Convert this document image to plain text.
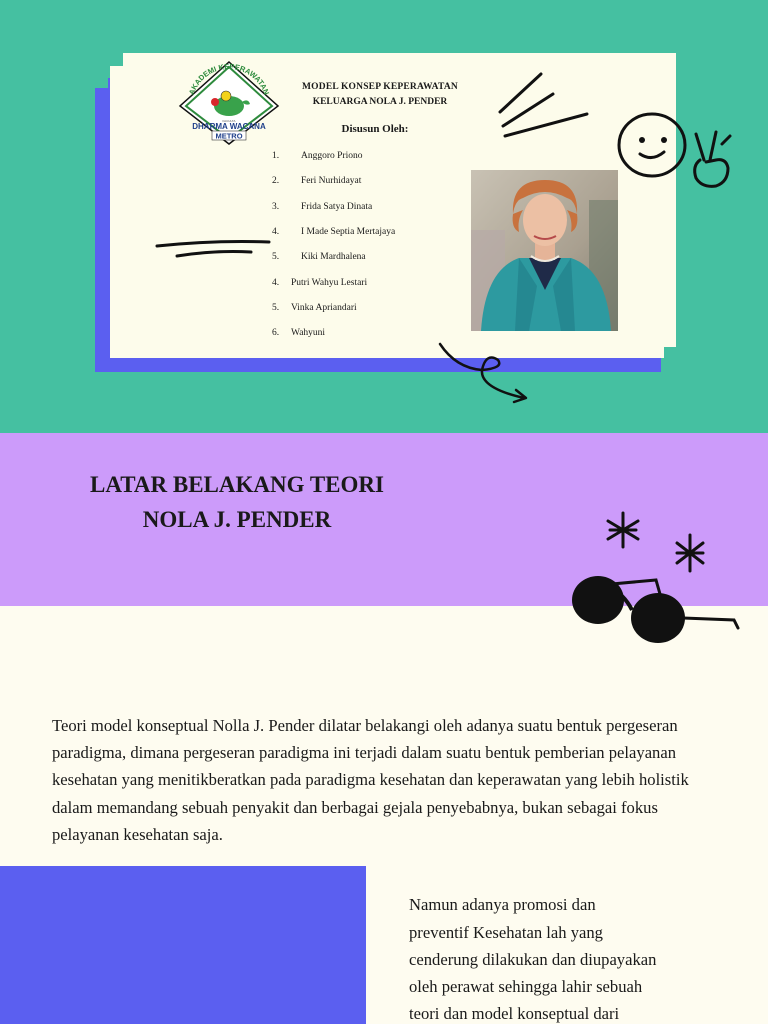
AKADEMI KEPERAWATAN
FACULTA
DHARMA WACANA
METRO
MODEL KONSEP KEPERAWATAN
KELUARGA NOLA J. PENDER
Disusun Oleh:
1. Anggoro Priono
2. Feri Nurhidayat
3. Frida Satya Dinata
4. I Made Septia Mertajaya
5. Kiki Mardhalena
4. Putri Wahyu Lestari
5. Vinka Apriandari
6. Wahyuni
LATAR BELAKANG TEORI
NOLA J. PENDER
Teori model konseptual Nolla J. Pender dilatar belakangi oleh adanya suatu bentuk pergeseran paradigma, dimana pergeseran paradigma ini terjadi dalam suatu bentuk pemberian pelayanan kesehatan yang menitikberatkan pada paradigma kesehatan dan keperawatan yang lebih holistik dalam memandang sebuah penyakit dan berbagai gejala penyebabnya, bukan sebagai fokus pelayanan kesehatan saja.
Namun adanya promosi dan
preventif Kesehatan lah yang
cenderung dilakukan dan diupayakan
oleh perawat sehingga lahir sebuah
teori dan model konseptual dari
